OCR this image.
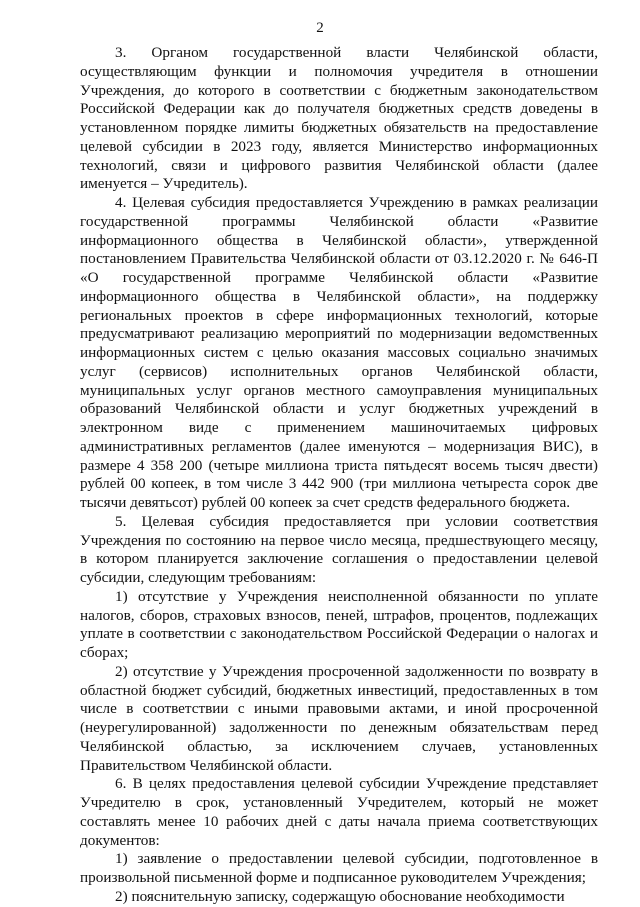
2

3. Органом государственной власти Челябинской области, осуществляющим функции и полномочия учредителя в отношении Учреждения, до которого в соответствии с бюджетным законодательством Российской Федерации как до получателя бюджетных средств доведены в установленном порядке лимиты бюджетных обязательств на предоставление целевой субсидии в 2023 году, является Министерство информационных технологий, связи и цифрового развития Челябинской области (далее именуется – Учредитель).

4. Целевая субсидия предоставляется Учреждению в рамках реализации государственной программы Челябинской области «Развитие информационного общества в Челябинской области», утвержденной постановлением Правительства Челябинской области от 03.12.2020 г. № 646-П «О государственной программе Челябинской области «Развитие информационного общества в Челябинской области», на поддержку региональных проектов в сфере информационных технологий, которые предусматривают реализацию мероприятий по модернизации ведомственных информационных систем с целью оказания массовых социально значимых услуг (сервисов) исполнительных органов Челябинской области, муниципальных услуг органов местного самоуправления муниципальных образований Челябинской области и услуг бюджетных учреждений в электронном виде с применением машиночитаемых цифровых административных регламентов (далее именуются – модернизация ВИС), в размере 4 358 200 (четыре миллиона триста пятьдесят восемь тысяч двести) рублей 00 копеек, в том числе 3 442 900 (три миллиона четыреста сорок две тысячи девятьсот) рублей 00 копеек за счет средств федерального бюджета.

5. Целевая субсидия предоставляется при условии соответствия Учреждения по состоянию на первое число месяца, предшествующего месяцу, в котором планируется заключение соглашения о предоставлении целевой субсидии, следующим требованиям:

1) отсутствие у Учреждения неисполненной обязанности по уплате налогов, сборов, страховых взносов, пеней, штрафов, процентов, подлежащих уплате в соответствии с законодательством Российской Федерации о налогах и сборах;

2) отсутствие у Учреждения просроченной задолженности по возврату в областной бюджет субсидий, бюджетных инвестиций, предоставленных в том числе в соответствии с иными правовыми актами, и иной просроченной (неурегулированной) задолженности по денежным обязательствам перед Челябинской областью, за исключением случаев, установленных Правительством Челябинской области.

6. В целях предоставления целевой субсидии Учреждение представляет Учредителю в срок, установленный Учредителем, который не может составлять менее 10 рабочих дней с даты начала приема соответствующих документов:

1) заявление о предоставлении целевой субсидии, подготовленное в произвольной письменной форме и подписанное руководителем Учреждения;

2) пояснительную записку, содержащую обоснование необходимости
